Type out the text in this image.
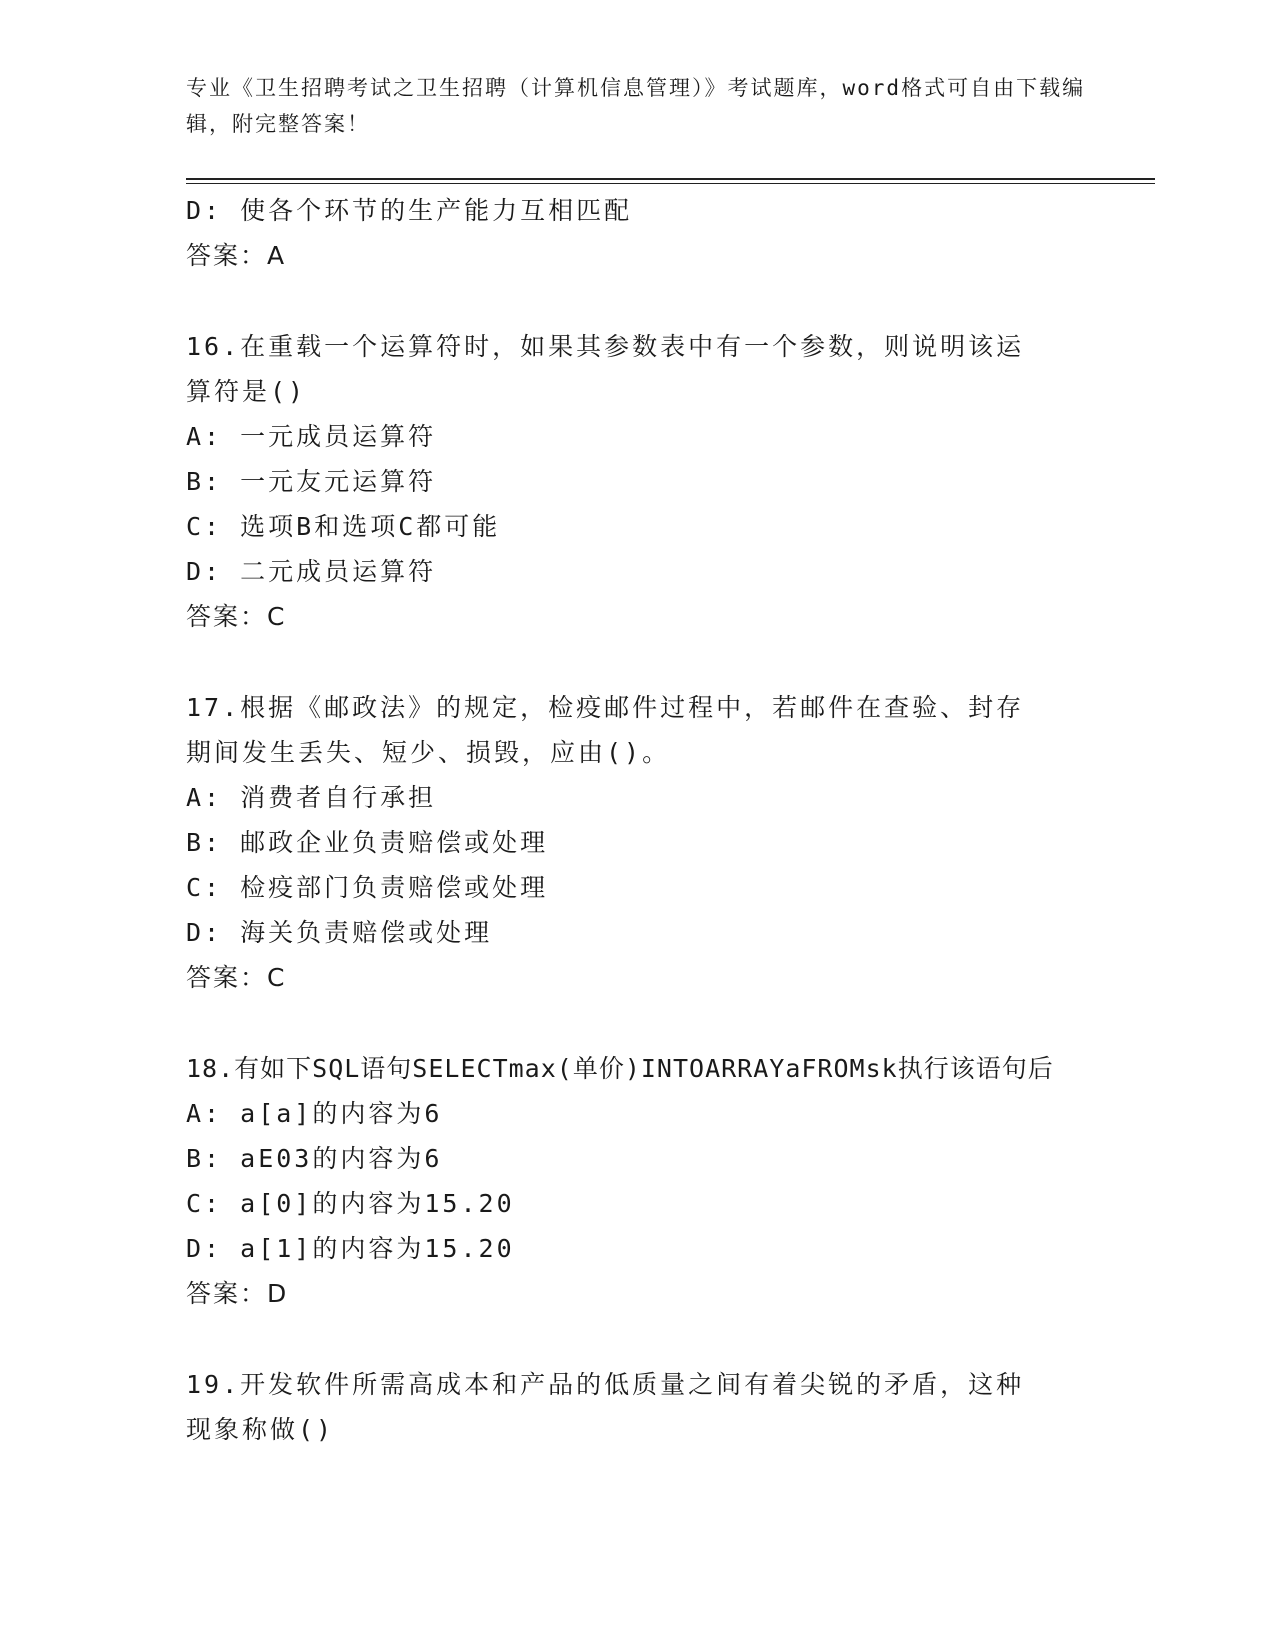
专业《卫生招聘考试之卫生招聘（计算机信息管理）》考试题库，word格式可自由下载编辑，附完整答案！
D: 使各个环节的生产能力互相匹配
答案：A
16.在重载一个运算符时，如果其参数表中有一个参数，则说明该运算符是()
A: 一元成员运算符
B: 一元友元运算符
C: 选项B和选项C都可能
D: 二元成员运算符
答案：C
17.根据《邮政法》的规定，检疫邮件过程中，若邮件在查验、封存期间发生丢失、短少、损毁，应由()。
A: 消费者自行承担
B: 邮政企业负责赔偿或处理
C: 检疫部门负责赔偿或处理
D: 海关负责赔偿或处理
答案：C
18.有如下SQL语句SELECTmax(单价)INTOARRAYaFROMsk执行该语句后
A: a[a]的内容为6
B: aE03的内容为6
C: a[0]的内容为15.20
D: a[1]的内容为15.20
答案：D
19.开发软件所需高成本和产品的低质量之间有着尖锐的矛盾，这种现象称做()
